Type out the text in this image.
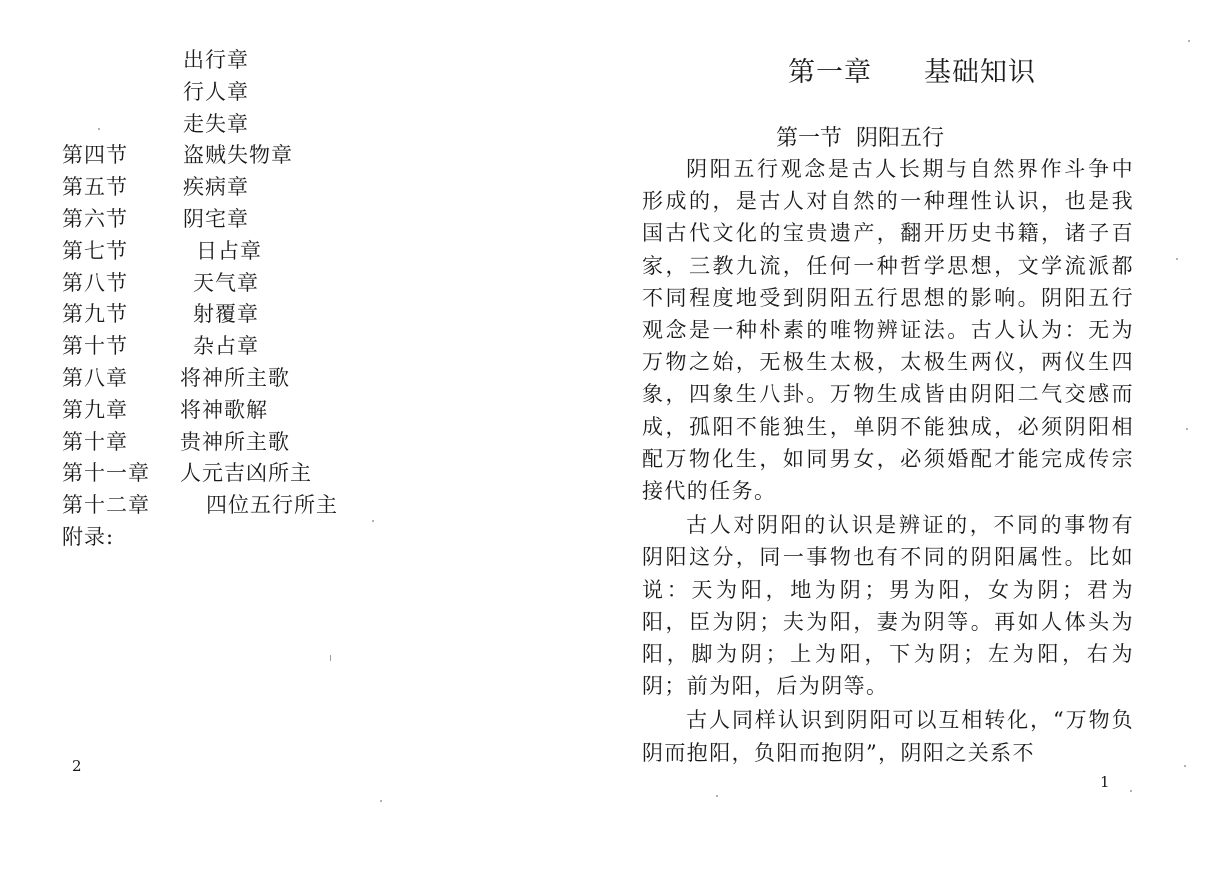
出行章
行人章
走失章
第四节	盗贼失物章
第五节	疾病章
第六节	阴宅章
第七节	日占章
第八节	天气章
第九节	射覆章
第十节	杂占章
第八章 将神所主歌
第九章 将神歌解
第十章 贵神所主歌
第十一章 人元吉凶所主
第十二章	四位五行所主
附录:
2
第一章 基础知识
第一节 阴阳五行

阴阳五行观念是古人长期与自然界作斗争中形成的，是古人对自然的一种理性认识，也是我国古代文化的宝贵遗产，翻开历史书籍，诸子百家，三教九流，任何一种哲学思想，文学流派都不同程度地受到阴阳五行思想的影响。阴阳五行观念是一种朴素的唯物辨证法。古人认为：无为万物之始，无极生太极，太极生两仪，两仪生四象，四象生八卦。万物生成皆由阴阳二气交感而成，孤阳不能独生，单阴不能独成，必须阴阳相配万物化生，如同男女，必须婚配才能完成传宗接代的任务。

古人对阴阳的认识是辨证的，不同的事物有阴阳这分，同一事物也有不同的阴阳属性。比如说：天为阳，地为阴；男为阳，女为阴；君为阳，臣为阴；夫为阳，妻为阴等。再如人体头为阳，脚为阴；上为阳，下为阴；左为阳，右为阴；前为阳，后为阴等。

古人同样认识到阴阳可以互相转化，“万物负阴而抱阳，负阳而抱阴”，阴阳之关系不

1
